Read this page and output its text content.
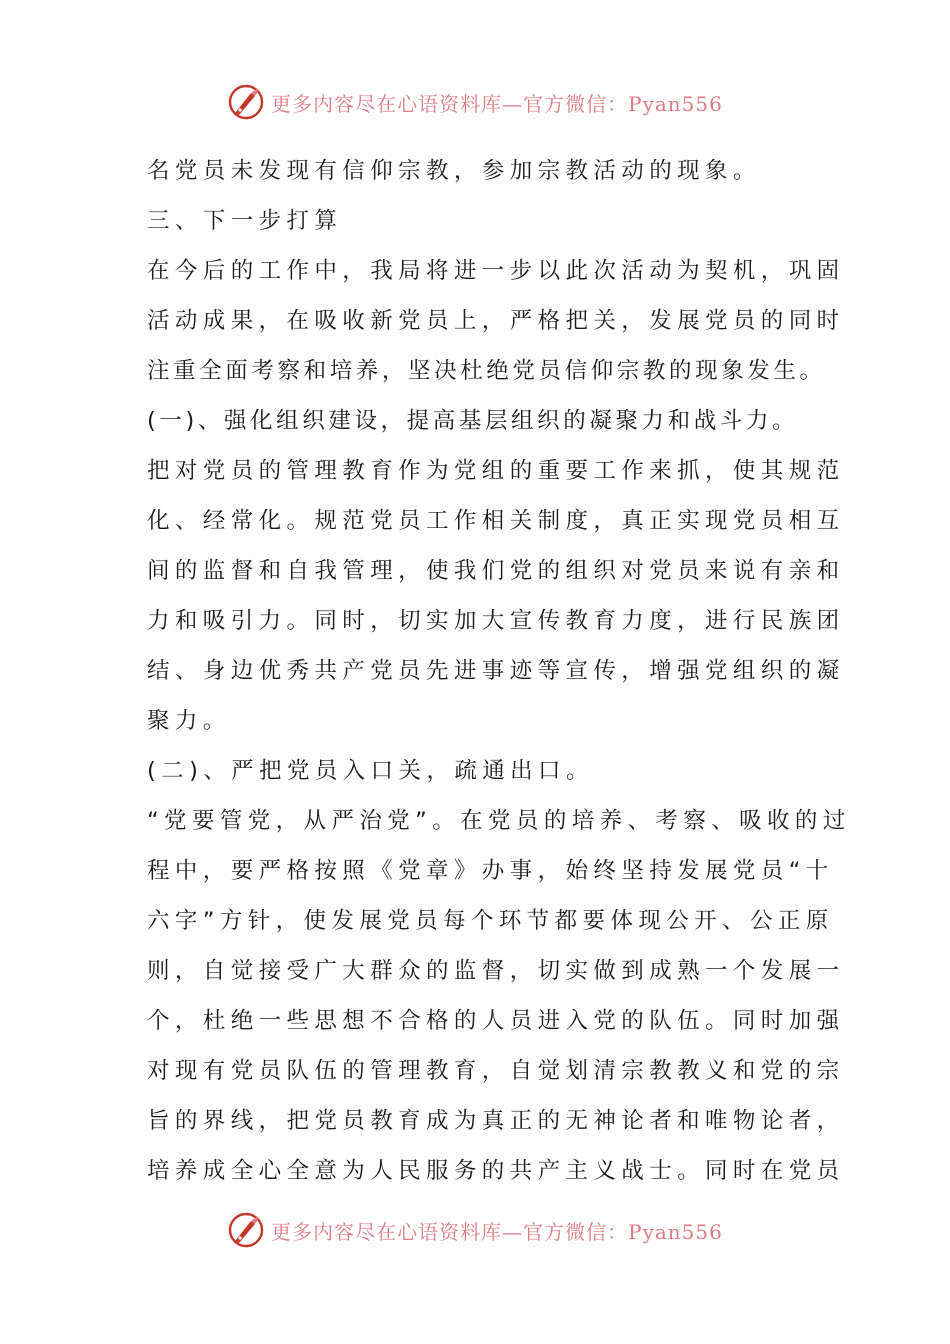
更多内容尽在心语资料库—官方微信：Pyan556
名党员未发现有信仰宗教，参加宗教活动的现象。
三、下一步打算
在今后的工作中，我局将进一步以此次活动为契机，巩固
活动成果，在吸收新党员上，严格把关，发展党员的同时
注重全面考察和培养，坚决杜绝党员信仰宗教的现象发生。
(一)、强化组织建设，提高基层组织的凝聚力和战斗力。
把对党员的管理教育作为党组的重要工作来抓，使其规范
化、经常化。规范党员工作相关制度，真正实现党员相互
间的监督和自我管理，使我们党的组织对党员来说有亲和
力和吸引力。同时，切实加大宣传教育力度，进行民族团
结、身边优秀共产党员先进事迹等宣传，增强党组织的凝
聚力。
(二)、严把党员入口关，疏通出口。
“党要管党，从严治党”。在党员的培养、考察、吸收的过
程中，要严格按照《党章》办事，始终坚持发展党员“十
六字”方针，使发展党员每个环节都要体现公开、公正原
则，自觉接受广大群众的监督，切实做到成熟一个发展一
个，杜绝一些思想不合格的人员进入党的队伍。同时加强
对现有党员队伍的管理教育，自觉划清宗教教义和党的宗
旨的界线，把党员教育成为真正的无神论者和唯物论者，
培养成全心全意为人民服务的共产主义战士。同时在党员
更多内容尽在心语资料库—官方微信：Pyan556
